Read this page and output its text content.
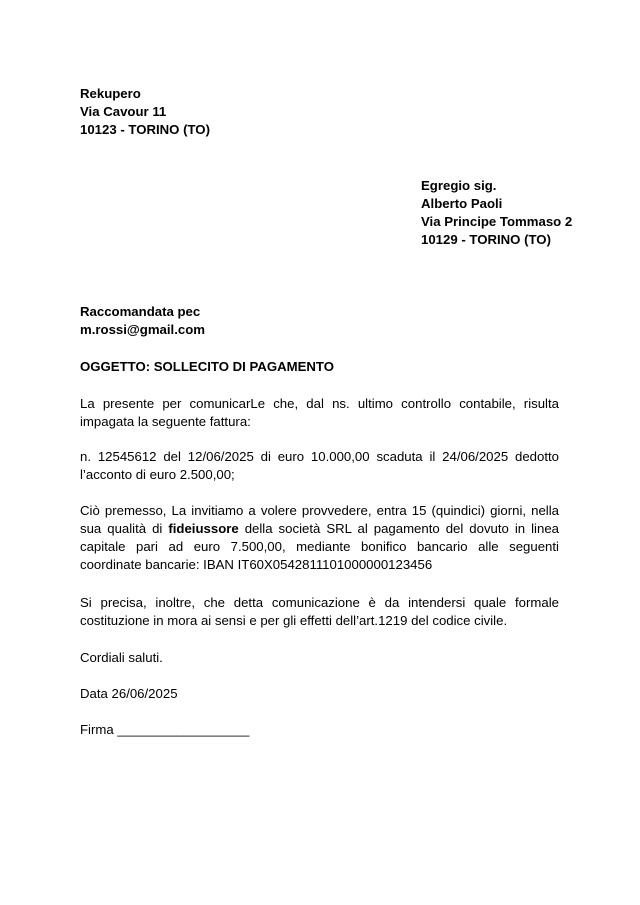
Rekupero
Via Cavour 11
10123 - TORINO (TO)
Egregio sig.
Alberto Paoli
Via Principe Tommaso 2
10129 - TORINO (TO)
Raccomandata pec
m.rossi@gmail.com
OGGETTO: SOLLECITO DI PAGAMENTO
La presente per comunicarLe che, dal ns. ultimo controllo contabile, risulta impagata la seguente fattura:
n. 12545612 del 12/06/2025 di euro 10.000,00 scaduta il 24/06/2025 dedotto l’acconto di euro 2.500,00;
Ciò premesso, La invitiamo a volere provvedere, entra 15 (quindici) giorni, nella sua qualità di fideiussore della società SRL al pagamento del dovuto in linea capitale pari ad euro 7.500,00, mediante bonifico bancario alle seguenti coordinate bancarie: IBAN IT60X0542811101000000123456
Si precisa, inoltre, che detta comunicazione è da intendersi quale formale costituzione in mora ai sensi e per gli effetti dell’art.1219 del codice civile.
Cordiali saluti.
Data 26/06/2025
Firma __________________
